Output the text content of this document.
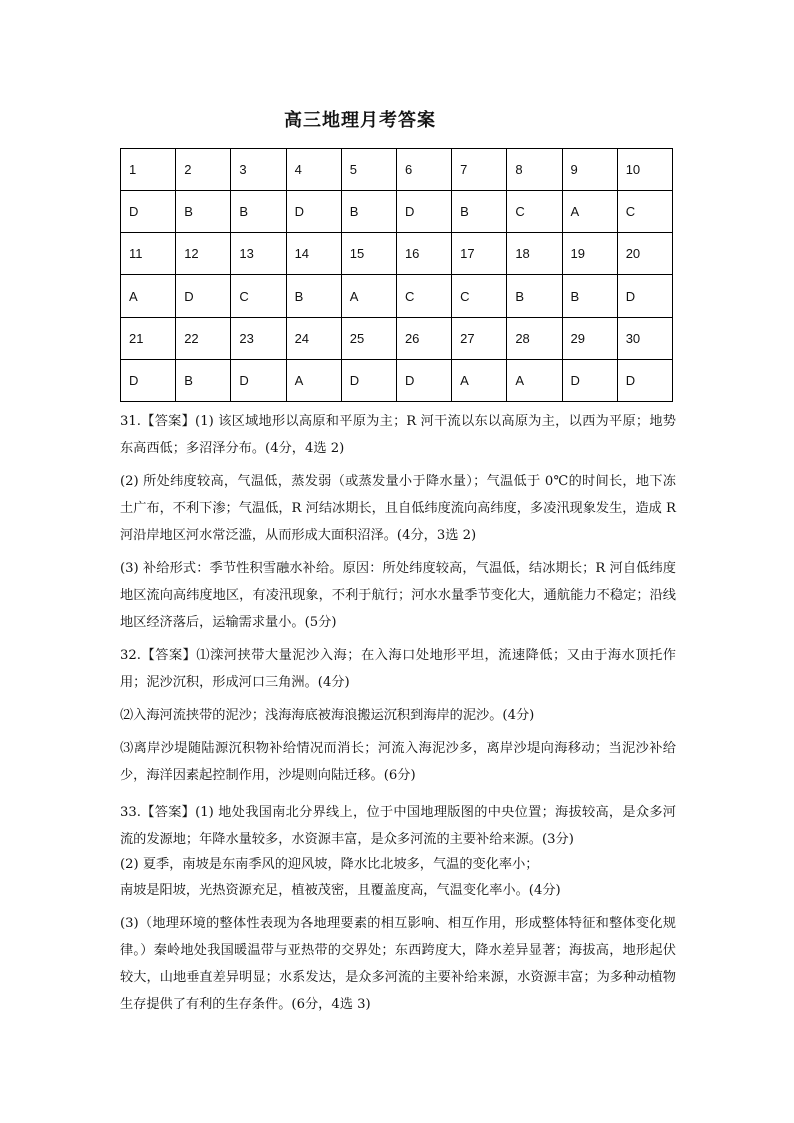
高三地理月考答案
1	2	3	4	5	6	7	8	9	10
D	B	B	D	B	D	B	C	A	C
11	12	13	14	15	16	17	18	19	20
A	D	C	B	A	C	C	B	B	D
21	22	23	24	25	26	27	28	29	30
D	B	D	A	D	D	A	A	D	D

31.【答案】(1) 该区域地形以高原和平原为主；R 河干流以东以高原为主，以西为平原；地势东高西低；多沼泽分布。(4分，4选 2)

(2) 所处纬度较高，气温低，蒸发弱（或蒸发量小于降水量）；气温低于 0℃的时间长，地下冻土广布，不利下渗；气温低，R 河结冰期长，且自低纬度流向高纬度，多凌汛现象发生，造成 R 河沿岸地区河水常泛滥，从而形成大面积沼泽。(4分，3选 2)

(3) 补给形式：季节性积雪融水补给。原因：所处纬度较高，气温低，结冰期长；R 河自低纬度地区流向高纬度地区，有凌汛现象，不利于航行；河水水量季节变化大，通航能力不稳定；沿线地区经济落后，运输需求量小。(5分)

32.【答案】⑴滦河挟带大量泥沙入海；在入海口处地形平坦，流速降低；又由于海水顶托作用；泥沙沉积，形成河口三角洲。(4分)

⑵入海河流挟带的泥沙；浅海海底被海浪搬运沉积到海岸的泥沙。(4分)

⑶离岸沙堤随陆源沉积物补给情况而消长；河流入海泥沙多，离岸沙堤向海移动；当泥沙补给少，海洋因素起控制作用，沙堤则向陆迁移。(6分)

33.【答案】(1) 地处我国南北分界线上，位于中国地理版图的中央位置；海拔较高，是众多河流的发源地；年降水量较多，水资源丰富，是众多河流的主要补给来源。(3分)

(2) 夏季，南坡是东南季风的迎风坡，降水比北坡多，气温的变化率小；

南坡是阳坡，光热资源充足，植被茂密，且覆盖度高，气温变化率小。(4分)

(3)（地理环境的整体性表现为各地理要素的相互影响、相互作用，形成整体特征和整体变化规律。）秦岭地处我国暖温带与亚热带的交界处；东西跨度大，降水差异显著；海拔高，地形起伏较大，山地垂直差异明显；水系发达，是众多河流的主要补给来源，水资源丰富；为多种动植物生存提供了有利的生存条件。(6分，4选 3)
